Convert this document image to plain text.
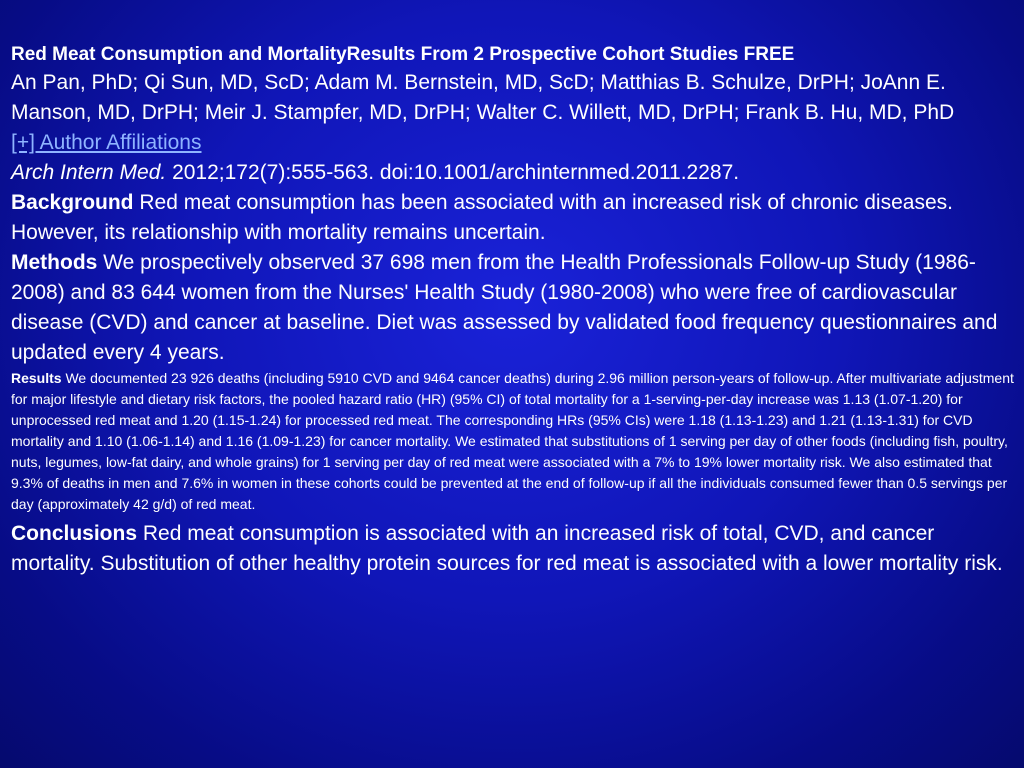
Red Meat Consumption and MortalityResults From 2 Prospective Cohort Studies FREE
An Pan, PhD; Qi Sun, MD, ScD; Adam M. Bernstein, MD, ScD; Matthias B. Schulze, DrPH; JoAnn E. Manson, MD, DrPH; Meir J. Stampfer, MD, DrPH; Walter C. Willett, MD, DrPH; Frank B. Hu, MD, PhD
[+] Author Affiliations
Arch Intern Med. 2012;172(7):555-563. doi:10.1001/archinternmed.2011.2287.
Background Red meat consumption has been associated with an increased risk of chronic diseases. However, its relationship with mortality remains uncertain.
Methods We prospectively observed 37 698 men from the Health Professionals Follow-up Study (1986-2008) and 83 644 women from the Nurses' Health Study (1980-2008) who were free of cardiovascular disease (CVD) and cancer at baseline. Diet was assessed by validated food frequency questionnaires and updated every 4 years.
Results We documented 23 926 deaths (including 5910 CVD and 9464 cancer deaths) during 2.96 million person-years of follow-up. After multivariate adjustment for major lifestyle and dietary risk factors, the pooled hazard ratio (HR) (95% CI) of total mortality for a 1-serving-per-day increase was 1.13 (1.07-1.20) for unprocessed red meat and 1.20 (1.15-1.24) for processed red meat. The corresponding HRs (95% CIs) were 1.18 (1.13-1.23) and 1.21 (1.13-1.31) for CVD mortality and 1.10 (1.06-1.14) and 1.16 (1.09-1.23) for cancer mortality. We estimated that substitutions of 1 serving per day of other foods (including fish, poultry, nuts, legumes, low-fat dairy, and whole grains) for 1 serving per day of red meat were associated with a 7% to 19% lower mortality risk. We also estimated that 9.3% of deaths in men and 7.6% in women in these cohorts could be prevented at the end of follow-up if all the individuals consumed fewer than 0.5 servings per day (approximately 42 g/d) of red meat.
Conclusions Red meat consumption is associated with an increased risk of total, CVD, and cancer mortality. Substitution of other healthy protein sources for red meat is associated with a lower mortality risk.
